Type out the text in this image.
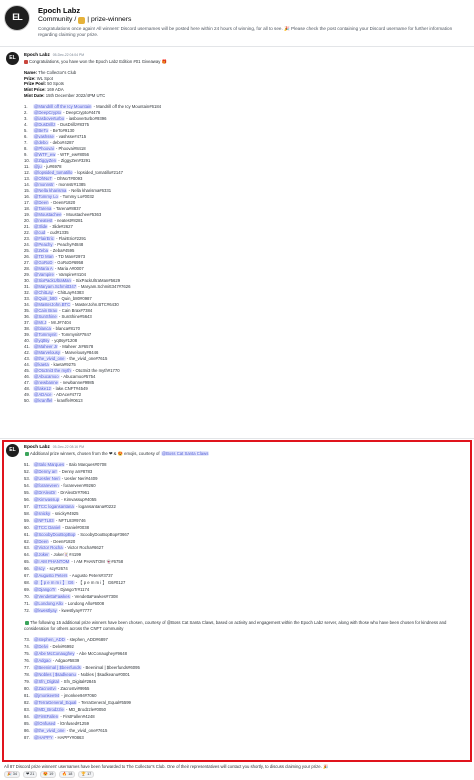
EL
Epoch Labz
Community / | prize-winners
Congratulations once again! All winners' Discord usernames will be posted here within 24 hours of winning, for all to see. 🎉 Please check the post containing your Discord username for further information regarding claiming your prize.
EL
Epoch Labz 05-Dec-22 04:04 PM
Congratulations, you have won the Epoch Labz Edition #01 Giveaway 🎁
Name: The Collector's Club
Prize: WL Spot
Prize Pool: 50 Spots
Mint Price: 169 ADA
Mint Date: 15th December 2022/4PM UTC
1. @Mandrill off the Icy Mountain - Mandrill off the Icy Mountain#6184
2. @DeepCrypto - DeepCrypto#4476
3. @iasboverturbo - iasboverturbo#9396
4. @DusDrillz - DusDrillz#8375
5. @BeTo - BeTo#9130
6. @vashsse - vashsse#4715
7. @debo - debo#4287
8. @Phoovai - Phoovai#8418
9. @WTF_ew - WTF_ew#8056
10. @ZiggyZen - ZiggyZen#3291
11. @ju - ju#6978
12. @lopsided_tomatillo - lopsided_tomatillo#2147
13. @OhNoT - OhNoT#0093
14. @monnstr - monnstr#1385
15. @Nella kharisma - Nella kharisma#6331
16. @Tommy Lo - Tommy Lo#0032
17. @Deen - Deen#1820
18. @Tarena - Tarena#8837
19. @Moustachee - Moustachee#5363
20. @neatest - neatest#8281
21. @3lide - 3lide#2627
22. @cud - cud#1335
23. @FlairEric - FlairEric#2291
24. @Peachy - Peachy#4848
25. @Zeba - Zeba#4595
26. @TD Man - TD Man#2973
27. @GoRoD - GoRoD#6958
28. @Maria A - Maria A#0007
29. @Vampire - Vampire#4104
30. @SixPackUltraMan - SixPackUltraMan#5629
31. @Maryam.Schmitt347 - Maryam.Schmitt347#7626
32. @ChitLay - ChitLay#4383
33. @Quin_b80 - Quin_b80#0987
34. @MasterJohn.BTC - MasterJohn.BTC#6430
35. @Cain Brax - Cain Brax#7384
36. @SunShine - SunShine#5643
37. @Mr.J - Mr.J#7404
38. @blanca - blanca#8170
39. @Tommynit - Tommynit#7847
40. @yqttsy - yqttsy#1208
41. @Maheer Jr - Maheer Jr#6578
42. @Marvelousy - Marvelousy#8446
43. @the_vivid_one - the_vivid_one#7615
44. @kaeta - kaeta#9275
45. @Oto3ni3 the myth - Oto3ni3 the myth#1770
46. @Abucamoo - Abucamoo#5754
47. @newbanne - newbanne#9985
48. @lake12 - lake.CNFT#4549
49. @ADAce - ADAce#4772
50. @kranffel - kranffel#0613
EL
Epoch Labz 05-Dec-22 08:16 PM
Additional prize winners, chosen from the ❤ & 😍 emojis, courtesy of @Boss Cat Santa Claws
51. @Italo Marques - Italo Marques#0708
52. @Denny arr - Denny arr#8783
53. @Uesler Neri - Uesler Neri#4409
54. @forareveen - forareveen#9260
55. @DrAlexDr - DrAlexDr#7961
56. @Kimvassup - Kimvassup#4055
57. @TCC logansantana - logansantana#0222
58. @snicky - snicky#4925
59. @NFTL83 - NFTL83#9746
60. @TCC Daniel - Daniel#0038
61. @ScoobyDooBopBop - ScoobyDooBopBop#3667
62. @Deen - Deen#1820
63. @Victor Rocha - Victor Rocha#6627
64. @Joker - Joker🃏#4199
65. @I AM PHANTOM - I AM PHANTOM 👻#6758
66. @scy - scy#2674
67. @Augusto Peters - Augusto Peters#3737
68. @【 p e m m i 】 G6 - 【 p e m m i 】 G6#0127
69. @DjangoTr - DjangoTr#1174
70. @VendettaFawkes - VendettaFawkes#7308
71. @Londong Allo - Londong Allo#6008
72. @kwestlyay - kwestlyay#7777
The following 15 additional prize winners have been chosen, courtesy of @Boss Cat Santa Claws, based on activity and engagement within the Epoch Labz server, along with those who have been chosen for kindness and consideration for others across the CNFT community
73. @stephen_ADD - stephen_ADD#6897
74. @Delvi - Delvi#6992
75. @Abe McConaughey - Abe McConaughey#9648
76. @Adgao - Adgao#5839
77. @Beenimal | $beerfunds - Beenimal | $beerfunds#6095
78. @Nobles | $sadkeanu - Nobles | $sadkeanu#0001
79. @Sfn_Digital - Sfn_Digital#2845
80. @Zacrostvi - Zacrostvi#9955
81. @jmonkee94 - jmonkee94#7060
82. @TerraGeneral_Equal - TerraGeneral_Equal#5599
83. @MD_Brodzzle - MD_Brodzzle#0050
84. @FirstFallen - FirstFallen#4248
85. @lOnfused - lOnfused#1259
86. @the_vivid_one - the_vivid_one#7615
87. @HAPPY - HAPPY#0863
All 87 Discord prize winners' usernames have been forwarded to The Collector's Club. One of their representatives will contact you shortly, to discuss claiming your prize. 🎉
🎉 34 ❤ 21 😍 19 🔥 18 🏆 17
